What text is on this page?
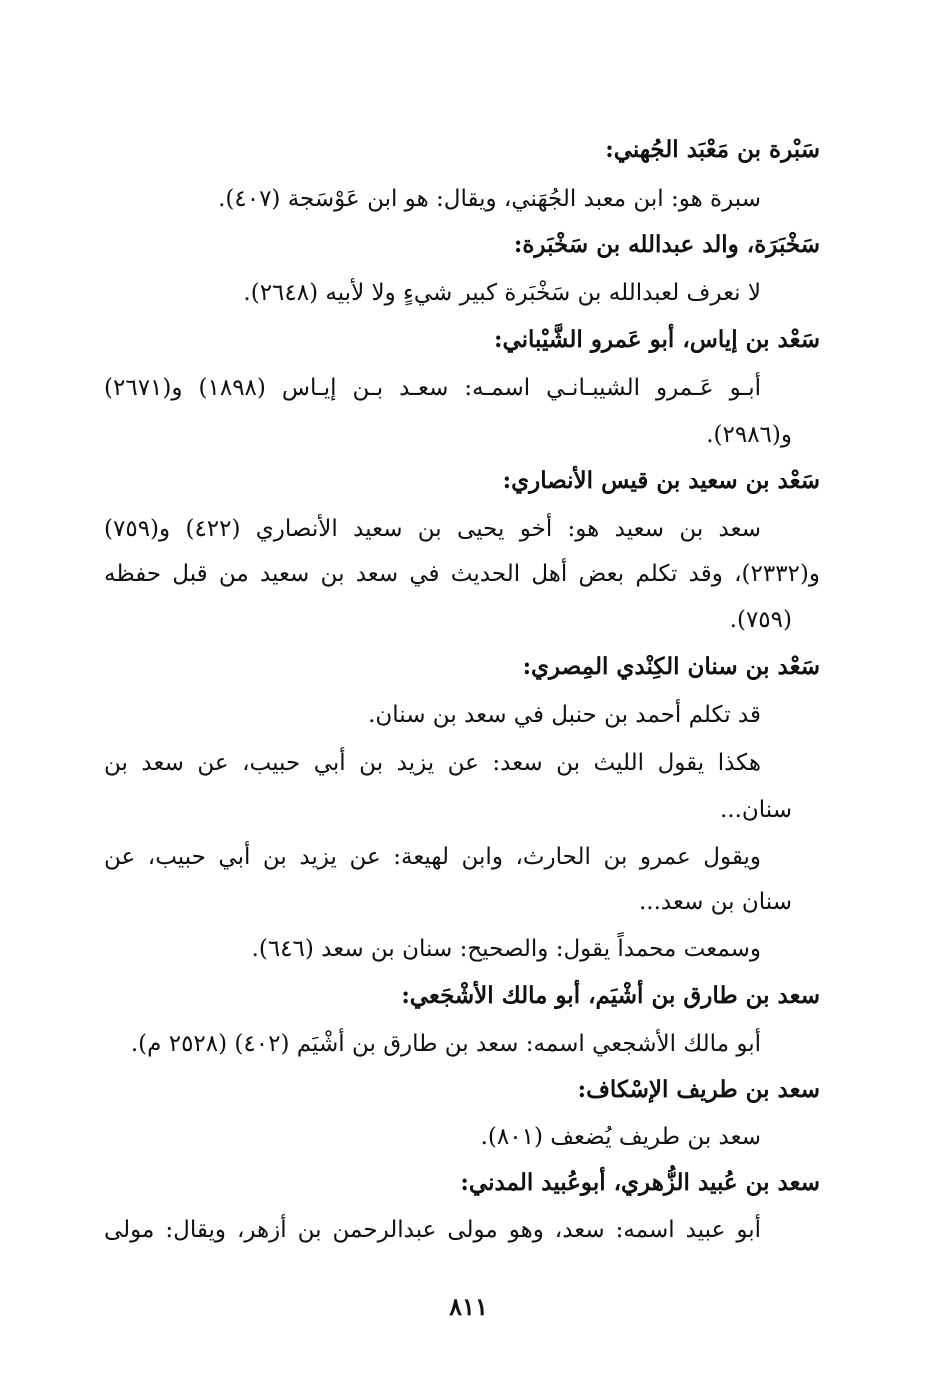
سَبْرة بن مَعْبَد الجُهني:
سبرة هو: ابن معبد الجُهَني، ويقال: هو ابن عَوْسَجة (٤٠٧).
سَخْبَرَة، والد عبدالله بن سَخْبَرة:
لا نعرف لعبدالله بن سَخْبَرة كبير شيءٍ ولا لأبيه (٢٦٤٨).
سَعْد بن إياس، أبو عَمرو الشَّيْباني:
أبـو عَـمرو الشيبـانـي اسمـه: سعـد بـن إيـاس (١٨٩٨) و(٢٦٧١)
و(٢٩٨٦).
سَعْد بن سعيد بن قيس الأنصاري:
سعد بن سعيد هو: أخو يحيى بن سعيد الأنصاري (٤٢٢) و(٧٥٩)
و(٢٣٣٢)، وقد تكلم بعض أهل الحديث في سعد بن سعيد من قبل حفظه
(٧٥٩).
سَعْد بن سنان الكِنْدي المِصري:
قد تكلم أحمد بن حنبل في سعد بن سنان.
هكذا يقول الليث بن سعد: عن يزيد بن أبي حبيب، عن سعد بن
سنان...
ويقول عمرو بن الحارث، وابن لهيعة: عن يزيد بن أبي حبيب، عن
سنان بن سعد...
وسمعت محمداً يقول: والصحيح: سنان بن سعد (٦٤٦).
سعد بن طارق بن أشْيَم، أبو مالك الأشْجَعي:
أبو مالك الأشجعي اسمه: سعد بن طارق بن أشْيَم (٤٠٢) (٢٥٢٨ م).
سعد بن طريف الإسْكاف:
سعد بن طريف يُضعف (٨٠١).
سعد بن عُبيد الزُّهري، أبوعُبيد المدني:
أبو عبيد اسمه: سعد، وهو مولى عبدالرحمن بن أزهر، ويقال: مولى
٨١١
